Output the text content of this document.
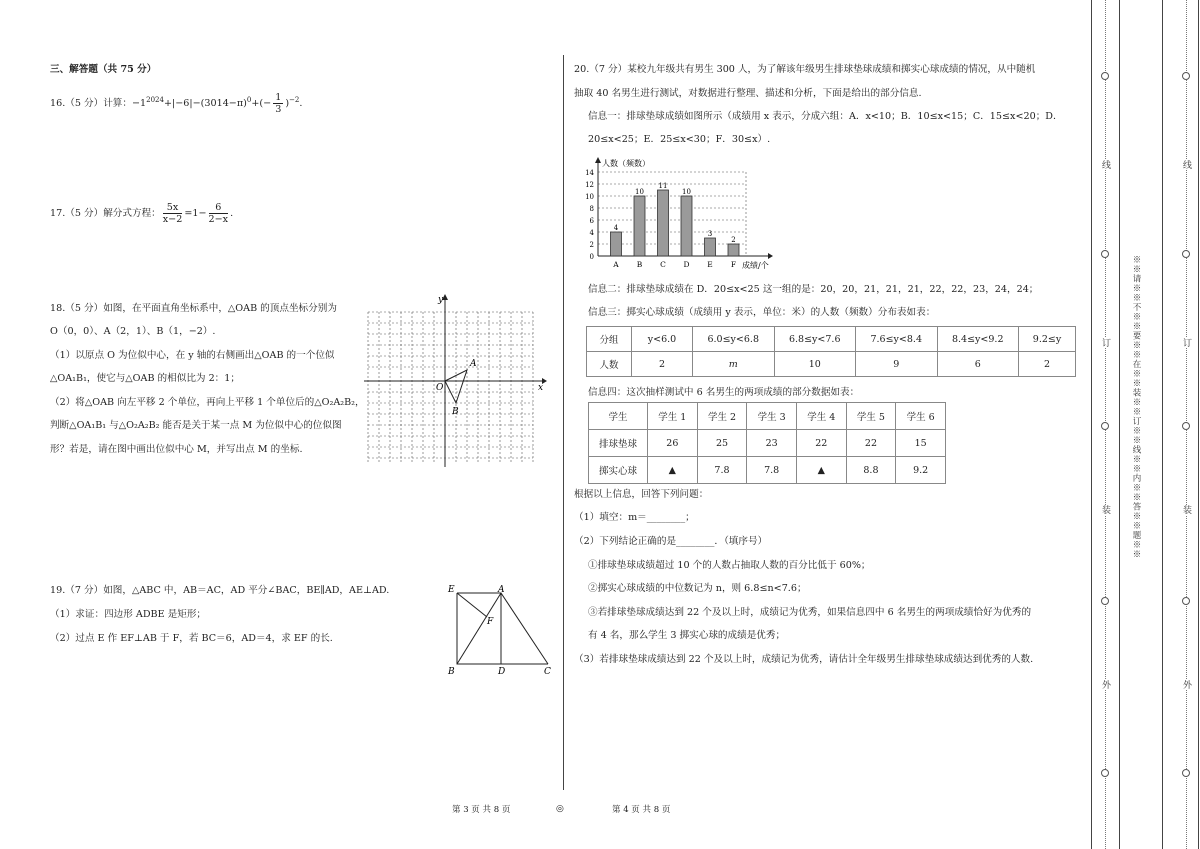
三、解答题（共 75 分）
16.（5 分）计算：$-1^{2024}+|-6|-(3014-\pi)^0+(- \frac{1}{3} )^{-2}$.
17.（5 分）解分式方程： $\frac{5x}{x-2} =1- \frac{6}{2-x}$ .
18.（5 分）如图，在平面直角坐标系中，△OAB 的顶点坐标分别为
O（0，0）、A（2，1）、B（1，−2）.
（1）以原点 O 为位似中心，在 y 轴的右侧画出△OAB 的一个位似
△OA₁B₁，使它与△OAB 的相似比为 2：1；
（2）将△OAB 向左平移 2 个单位，再向上平移 1 个单位后的△O₂A₂B₂，
判断△OA₁B₁ 与△O₂A₂B₂ 能否是关于某一点 M 为位似中心的位似图
形？若是，请在图中画出位似中心 M，并写出点 M 的坐标.
y
x
O
A
B
19.（7 分）如图，△ABC 中，AB＝AC，AD 平分∠BAC，BE∥AD，AE⊥AD.
（1）求证：四边形 ADBE 是矩形；
（2）过点 E 作 EF⊥AB 于 F，若 BC＝6，AD＝4，求 EF 的长.
E	A
F
B	D	C
20.（7 分）某校九年级共有男生 300 人，为了解该年级男生排球垫球成绩和掷实心球成绩的情况，从中随机
抽取 40 名男生进行测试，对数据进行整理、描述和分析，下面是给出的部分信息.
信息一：排球垫球成绩如图所示（成绩用 x 表示，分成六组：A．x<10；B．10≤x<15；C．15≤x<20；D．
20≤x<25；E．25≤x<30；F．30≤x）.
人数（频数）
成绩/个
0
2
4
6
8
10
12
14
4
A
10
B
11
C
10
D
3
E
2
F
信息二：排球垫球成绩在 D．20≤x<25 这一组的是：20，20，21，21，21，22，22，23，24，24；
信息三：掷实心球成绩（成绩用 y 表示，单位：米）的人数（频数）分布表如表：
分组	y<6.0	6.0≤y<6.8	6.8≤y<7.6	7.6≤y<8.4	8.4≤y<9.2	9.2≤y
人数	2	m	10	9	6	2
信息四：这次抽样测试中 6 名男生的两项成绩的部分数据如表：
学生	学生 1	学生 2	学生 3	学生 4	学生 5	学生 6
排球垫球	26	25	23	22	22	15
掷实心球	▲	7.8	7.8	▲	8.8	9.2
根据以上信息，回答下列问题：
（1）填空：m＝________；
（2）下列结论正确的是________．（填序号）
①排球垫球成绩超过 10 个的人数占抽取人数的百分比低于 60%；
②掷实心球成绩的中位数记为 n，则 6.8≤n<7.6；
③若排球垫球成绩达到 22 个及以上时，成绩记为优秀，如果信息四中 6 名男生的两项成绩恰好为优秀的
有 4 名，那么学生 3 掷实心球的成绩是优秀；
（3）若排球垫球成绩达到 22 个及以上时，成绩记为优秀，请估计全年级男生排球垫球成绩达到优秀的人数.
第 3 页 共 8 页	◎	第 4 页 共 8 页
线
订
装
外
※※请※※不※※要※※在※※装※※订※※线※※内※※答※※题※※
线
订
装
外
